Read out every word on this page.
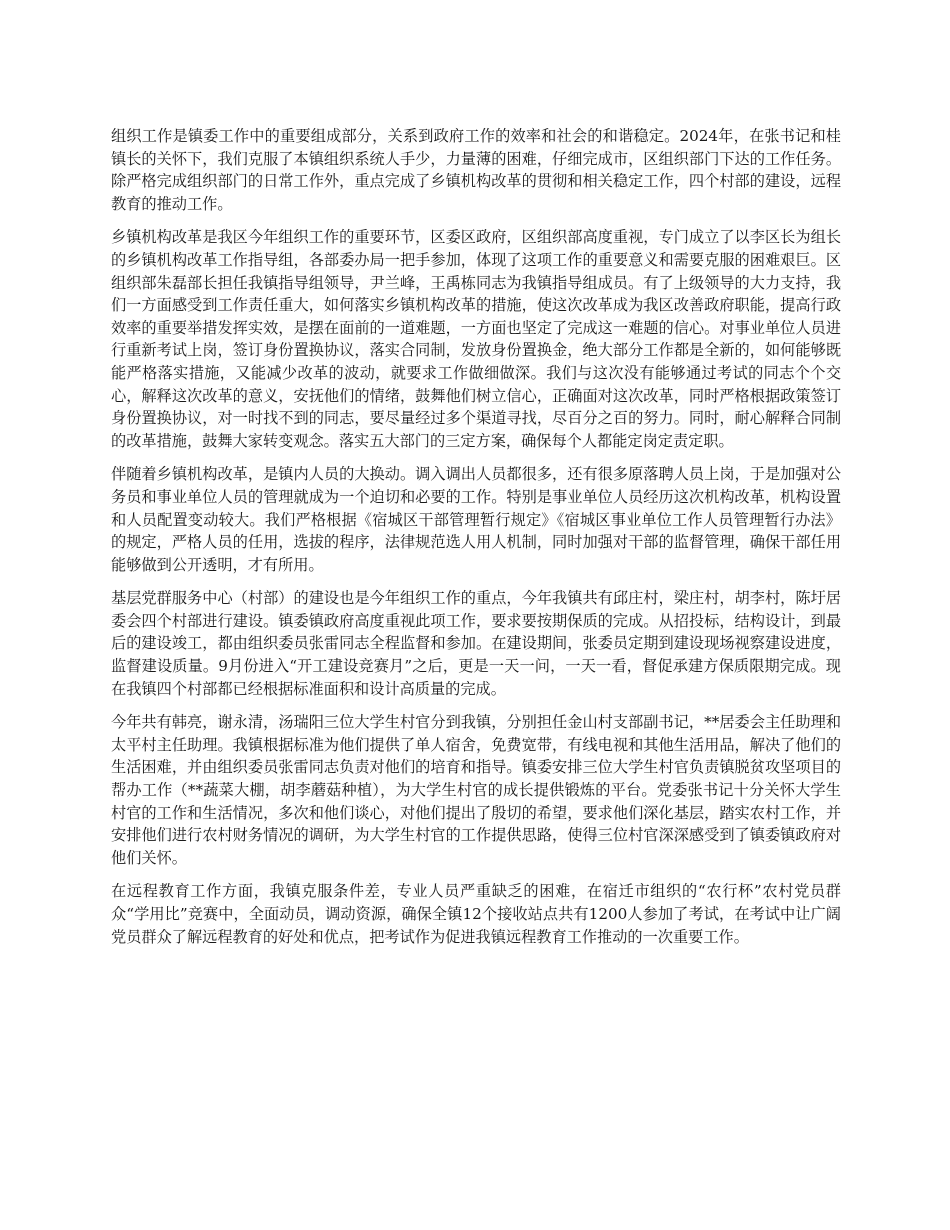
组织工作是镇委工作中的重要组成部分，关系到政府工作的效率和社会的和谐稳定。2024年，在张书记和桂镇长的关怀下，我们克服了本镇组织系统人手少，力量薄的困难，仔细完成市，区组织部门下达的工作任务。除严格完成组织部门的日常工作外，重点完成了乡镇机构改革的贯彻和相关稳定工作，四个村部的建设，远程教育的推动工作。

乡镇机构改革是我区今年组织工作的重要环节，区委区政府，区组织部高度重视，专门成立了以李区长为组长的乡镇机构改革工作指导组，各部委办局一把手参加，体现了这项工作的重要意义和需要克服的困难艰巨。区组织部朱磊部长担任我镇指导组领导，尹兰峰，王禹栋同志为我镇指导组成员。有了上级领导的大力支持，我们一方面感受到工作责任重大，如何落实乡镇机构改革的措施，使这次改革成为我区改善政府职能，提高行政效率的重要举措发挥实效，是摆在面前的一道难题，一方面也坚定了完成这一难题的信心。对事业单位人员进行重新考试上岗，签订身份置换协议，落实合同制，发放身份置换金，绝大部分工作都是全新的，如何能够既能严格落实措施，又能减少改革的波动，就要求工作做细做深。我们与这次没有能够通过考试的同志个个交心，解释这次改革的意义，安抚他们的情绪，鼓舞他们树立信心，正确面对这次改革，同时严格根据政策签订身份置换协议，对一时找不到的同志，要尽量经过多个渠道寻找，尽百分之百的努力。同时，耐心解释合同制的改革措施，鼓舞大家转变观念。落实五大部门的三定方案，确保每个人都能定岗定责定职。

伴随着乡镇机构改革，是镇内人员的大换动。调入调出人员都很多，还有很多原落聘人员上岗，于是加强对公务员和事业单位人员的管理就成为一个迫切和必要的工作。特别是事业单位人员经历这次机构改革，机构设置和人员配置变动较大。我们严格根据《宿城区干部管理暂行规定》《宿城区事业单位工作人员管理暂行办法》的规定，严格人员的任用，选拔的程序，法律规范选人用人机制，同时加强对干部的监督管理，确保干部任用能够做到公开透明，才有所用。

基层党群服务中心（村部）的建设也是今年组织工作的重点，今年我镇共有邱庄村，梁庄村，胡李村，陈圩居委会四个村部进行建设。镇委镇政府高度重视此项工作，要求要按期保质的完成。从招投标，结构设计，到最后的建设竣工，都由组织委员张雷同志全程监督和参加。在建设期间，张委员定期到建设现场视察建设进度，监督建设质量。9月份进入“开工建设竞赛月”之后，更是一天一问，一天一看，督促承建方保质限期完成。现在我镇四个村部都已经根据标准面积和设计高质量的完成。

今年共有韩亮，谢永清，汤瑞阳三位大学生村官分到我镇，分别担任金山村支部副书记，**居委会主任助理和太平村主任助理。我镇根据标准为他们提供了单人宿舍，免费宽带，有线电视和其他生活用品，解决了他们的生活困难，并由组织委员张雷同志负责对他们的培育和指导。镇委安排三位大学生村官负责镇脱贫攻坚项目的帮办工作（**蔬菜大棚，胡李蘑菇种植），为大学生村官的成长提供锻炼的平台。党委张书记十分关怀大学生村官的工作和生活情况，多次和他们谈心，对他们提出了殷切的希望，要求他们深化基层，踏实农村工作，并安排他们进行农村财务情况的调研，为大学生村官的工作提供思路，使得三位村官深深感受到了镇委镇政府对他们关怀。

在远程教育工作方面，我镇克服条件差，专业人员严重缺乏的困难，在宿迁市组织的“农行杯”农村党员群众“学用比”竞赛中，全面动员，调动资源，确保全镇12个接收站点共有1200人参加了考试，在考试中让广阔党员群众了解远程教育的好处和优点，把考试作为促进我镇远程教育工作推动的一次重要工作。
